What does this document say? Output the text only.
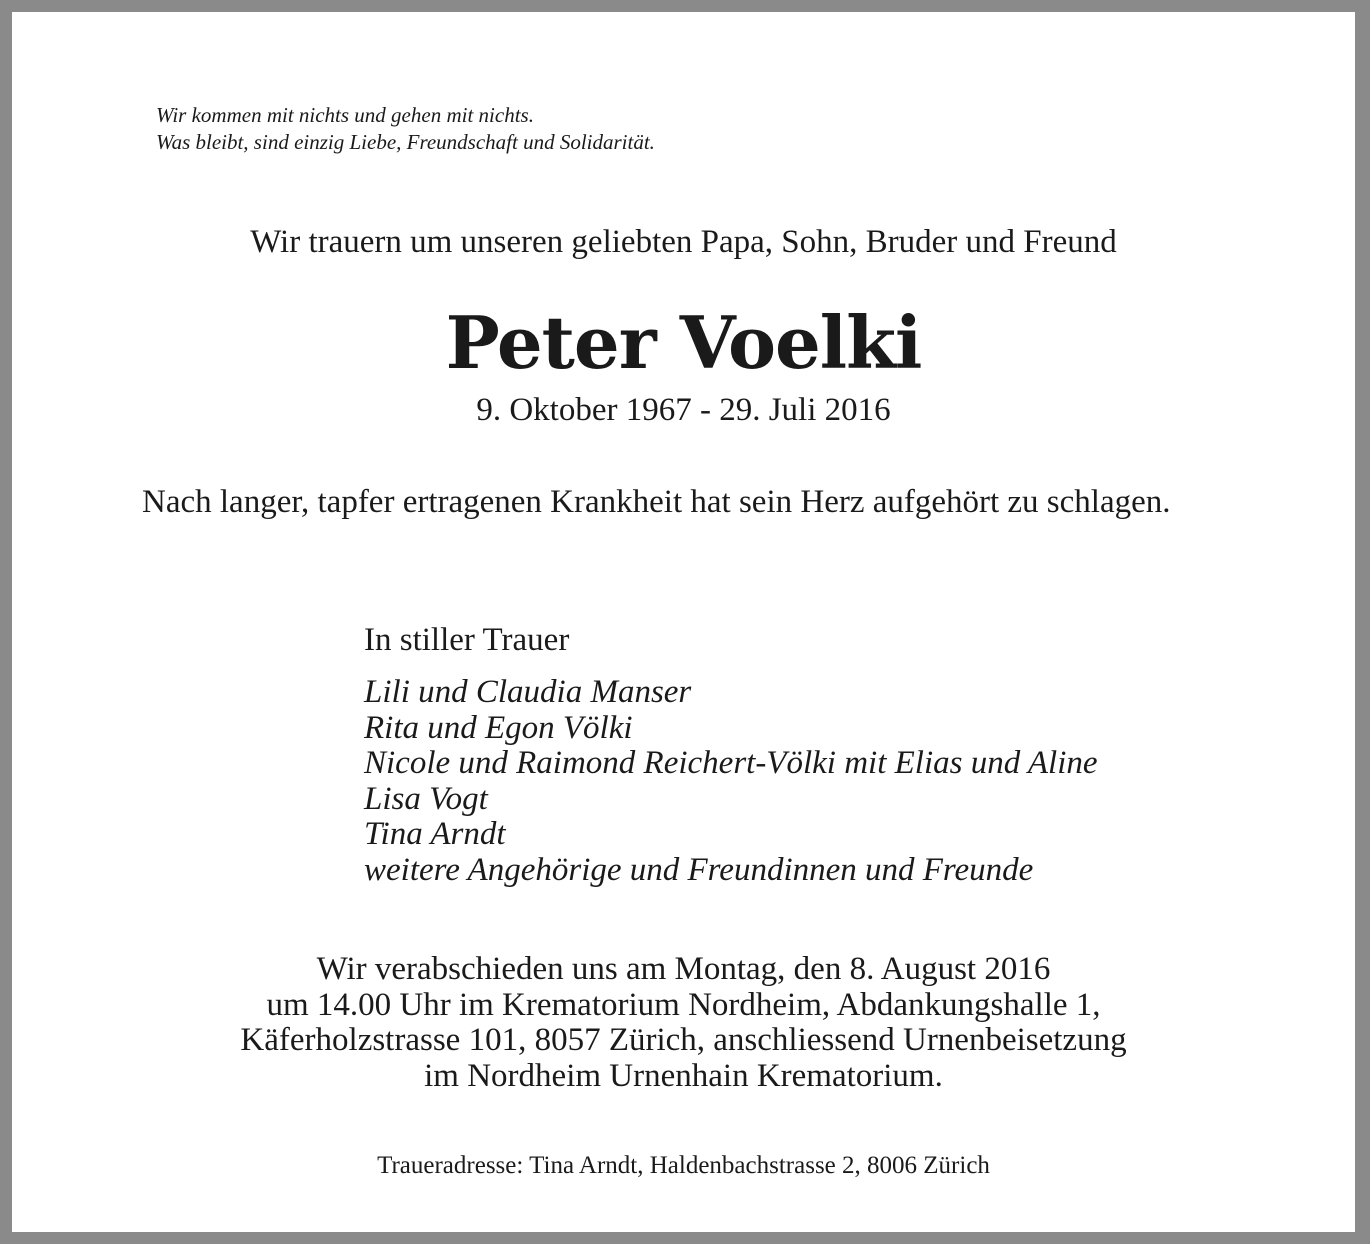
Wir kommen mit nichts und gehen mit nichts.
Was bleibt, sind einzig Liebe, Freundschaft und Solidarität.
Wir trauern um unseren geliebten Papa, Sohn, Bruder und Freund
Peter Voelki
9. Oktober 1967 - 29. Juli 2016
Nach langer, tapfer ertragenen Krankheit hat sein Herz aufgehört zu schlagen.
In stiller Trauer
Lili und Claudia Manser
Rita und Egon Völki
Nicole und Raimond Reichert-Völki mit Elias und Aline
Lisa Vogt
Tina Arndt
weitere Angehörige und Freundinnen und Freunde
Wir verabschieden uns am Montag, den 8. August 2016
um 14.00 Uhr im Krematorium Nordheim, Abdankungshalle 1,
Käferholzstrasse 101, 8057 Zürich, anschliessend Urnenbeisetzung
im Nordheim Urnenhain Krematorium.
Traueradresse: Tina Arndt, Haldenbachstrasse 2, 8006 Zürich
